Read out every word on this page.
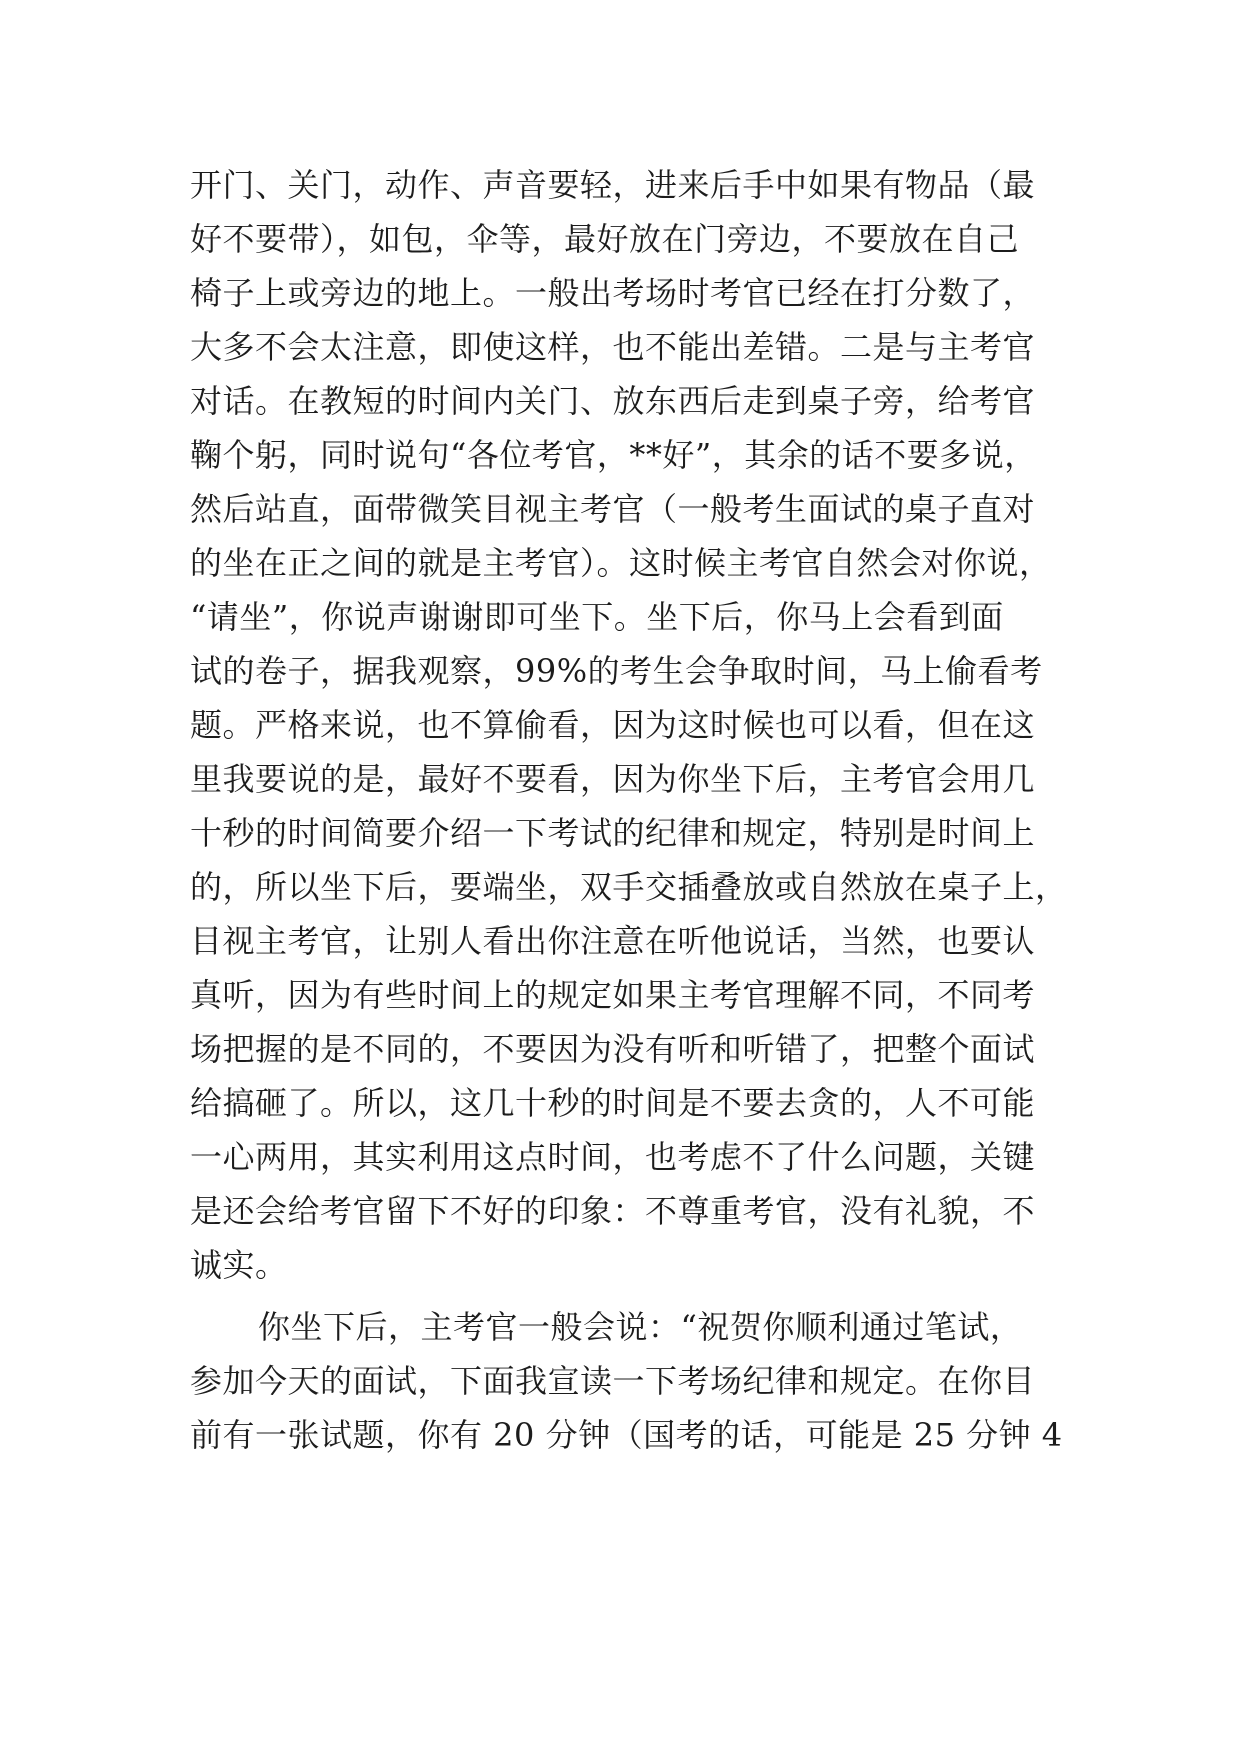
开门、关门，动作、声音要轻，进来后手中如果有物品（最
好不要带），如包，伞等，最好放在门旁边，不要放在自己
椅子上或旁边的地上。一般出考场时考官已经在打分数了，
大多不会太注意，即使这样，也不能出差错。二是与主考官
对话。在教短的时间内关门、放东西后走到桌子旁，给考官
鞠个躬，同时说句“各位考官，**好”，其余的话不要多说，
然后站直，面带微笑目视主考官（一般考生面试的桌子直对
的坐在正之间的就是主考官）。这时候主考官自然会对你说，
“请坐”，你说声谢谢即可坐下。坐下后，你马上会看到面
试的卷子，据我观察，99%的考生会争取时间，马上偷看考
题。严格来说，也不算偷看，因为这时候也可以看，但在这
里我要说的是，最好不要看，因为你坐下后，主考官会用几
十秒的时间简要介绍一下考试的纪律和规定，特别是时间上
的，所以坐下后，要端坐，双手交插叠放或自然放在桌子上，
目视主考官，让别人看出你注意在听他说话，当然，也要认
真听，因为有些时间上的规定如果主考官理解不同，不同考
场把握的是不同的，不要因为没有听和听错了，把整个面试
给搞砸了。所以，这几十秒的时间是不要去贪的，人不可能
一心两用，其实利用这点时间，也考虑不了什么问题，关键
是还会给考官留下不好的印象：不尊重考官，没有礼貌，不
诚实。
你坐下后，主考官一般会说：“祝贺你顺利通过笔试，
参加今天的面试，下面我宣读一下考场纪律和规定。在你目
前有一张试题，你有 20 分钟（国考的话，可能是 25 分钟 4
